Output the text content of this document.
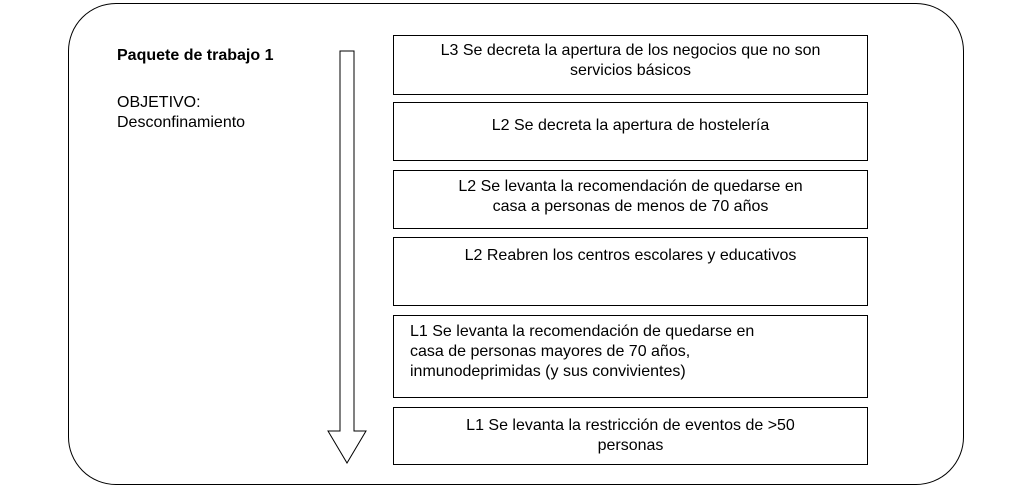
Paquete de trabajo 1
OBJETIVO:
Desconfinamiento
L3 Se decreta la apertura de los negocios que no son
servicios básicos
L2 Se decreta la apertura de hostelería
L2 Se levanta la recomendación de quedarse en
casa a personas de menos de 70 años
L2 Reabren los centros escolares y educativos
L1 Se levanta la recomendación de quedarse en
casa de personas mayores de 70 años,
inmunodeprimidas (y sus convivientes)
L1 Se levanta la restricción de eventos de >50
personas
